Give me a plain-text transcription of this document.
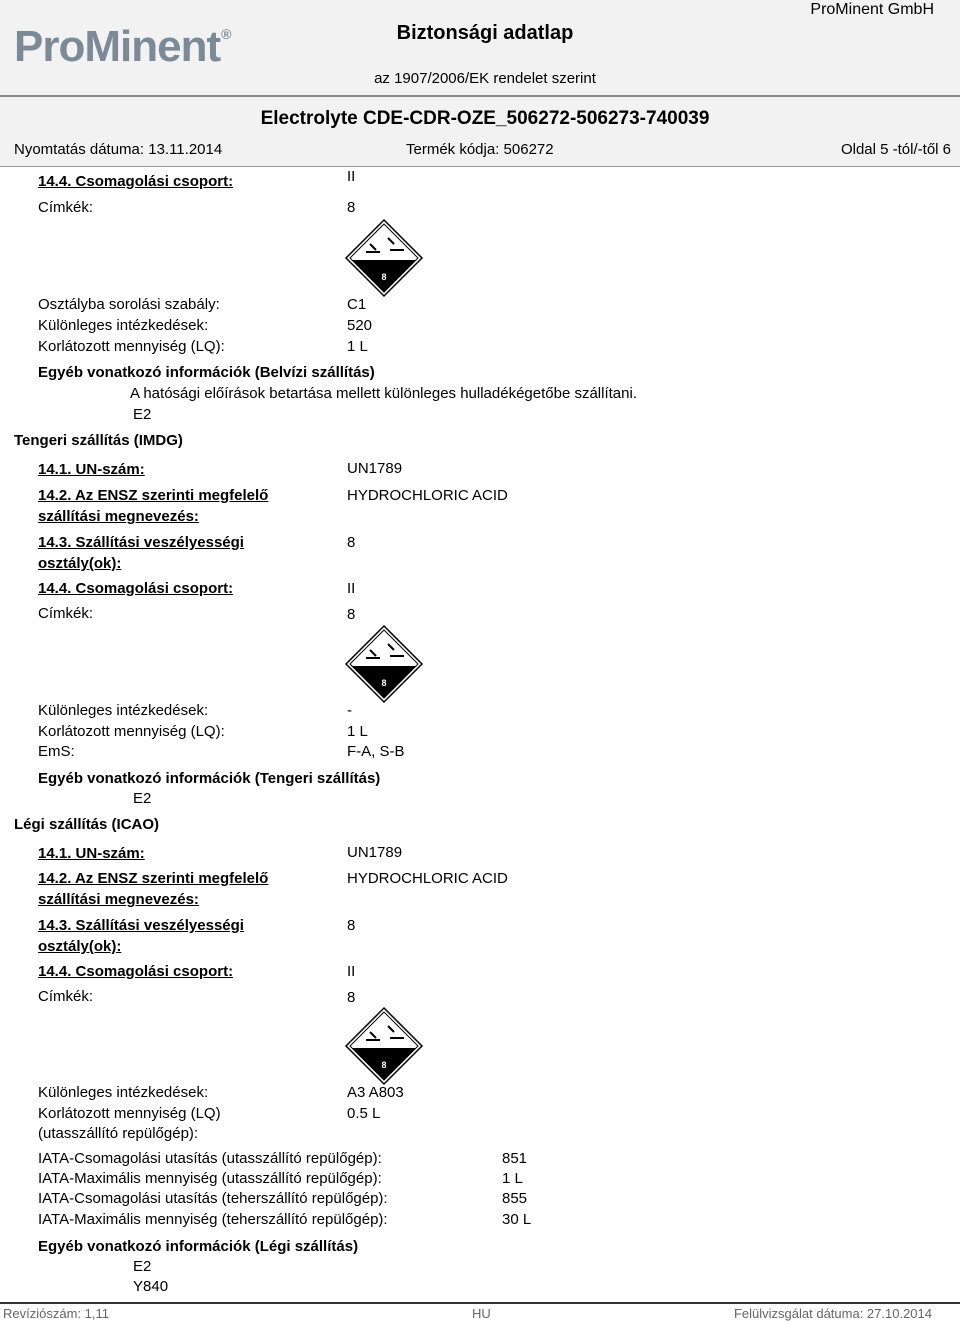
ProMinent®
ProMinent GmbH
Biztonsági adatlap
az 1907/2006/EK rendelet szerint
Electrolyte CDE-CDR-OZE_506272-506273-740039
Nyomtatás dátuma: 13.11.2014	Termék kódja: 506272	Oldal 5 -tól/-től 6
14.4. Csomagolási csoport:	II
Címkék:	8
8
Osztályba sorolási szabály:	C1
Különleges intézkedések:	520
Korlátozott mennyiség (LQ):	1 L
Egyéb vonatkozó információk (Belvízi szállítás)
A hatósági előírások betartása mellett különleges hulladékégetőbe szállítani.
E2
Tengeri szállítás (IMDG)
14.1. UN-szám:	UN1789
14.2. Az ENSZ szerinti megfelelő
szállítási megnevezés:
HYDROCHLORIC ACID
14.3. Szállítási veszélyességi
osztály(ok):
8
14.4. Csomagolási csoport:	II
Címkék:	8
8
Különleges intézkedések:	-
Korlátozott mennyiség (LQ):	1 L
EmS:	F-A, S-B
Egyéb vonatkozó információk (Tengeri szállítás)
E2
Légi szállítás (ICAO)
14.1. UN-szám:	UN1789
14.2. Az ENSZ szerinti megfelelő
szállítási megnevezés:
HYDROCHLORIC ACID
14.3. Szállítási veszélyességi
osztály(ok):
8
14.4. Csomagolási csoport:	II
Címkék:	8
8
Különleges intézkedések:	A3 A803
Korlátozott mennyiség (LQ)
(utasszállító repülőgép):
0.5 L
IATA-Csomagolási utasítás (utasszállító repülőgép):	851
IATA-Maximális mennyiség (utasszállító repülőgép):	1 L
IATA-Csomagolási utasítás (teherszállító repülőgép):	855
IATA-Maximális mennyiség (teherszállító repülőgép):	30 L
Egyéb vonatkozó információk (Légi szállítás)
E2
Y840
Revíziószám: 1,11	HU	Felülvizsgálat dátuma: 27.10.2014
